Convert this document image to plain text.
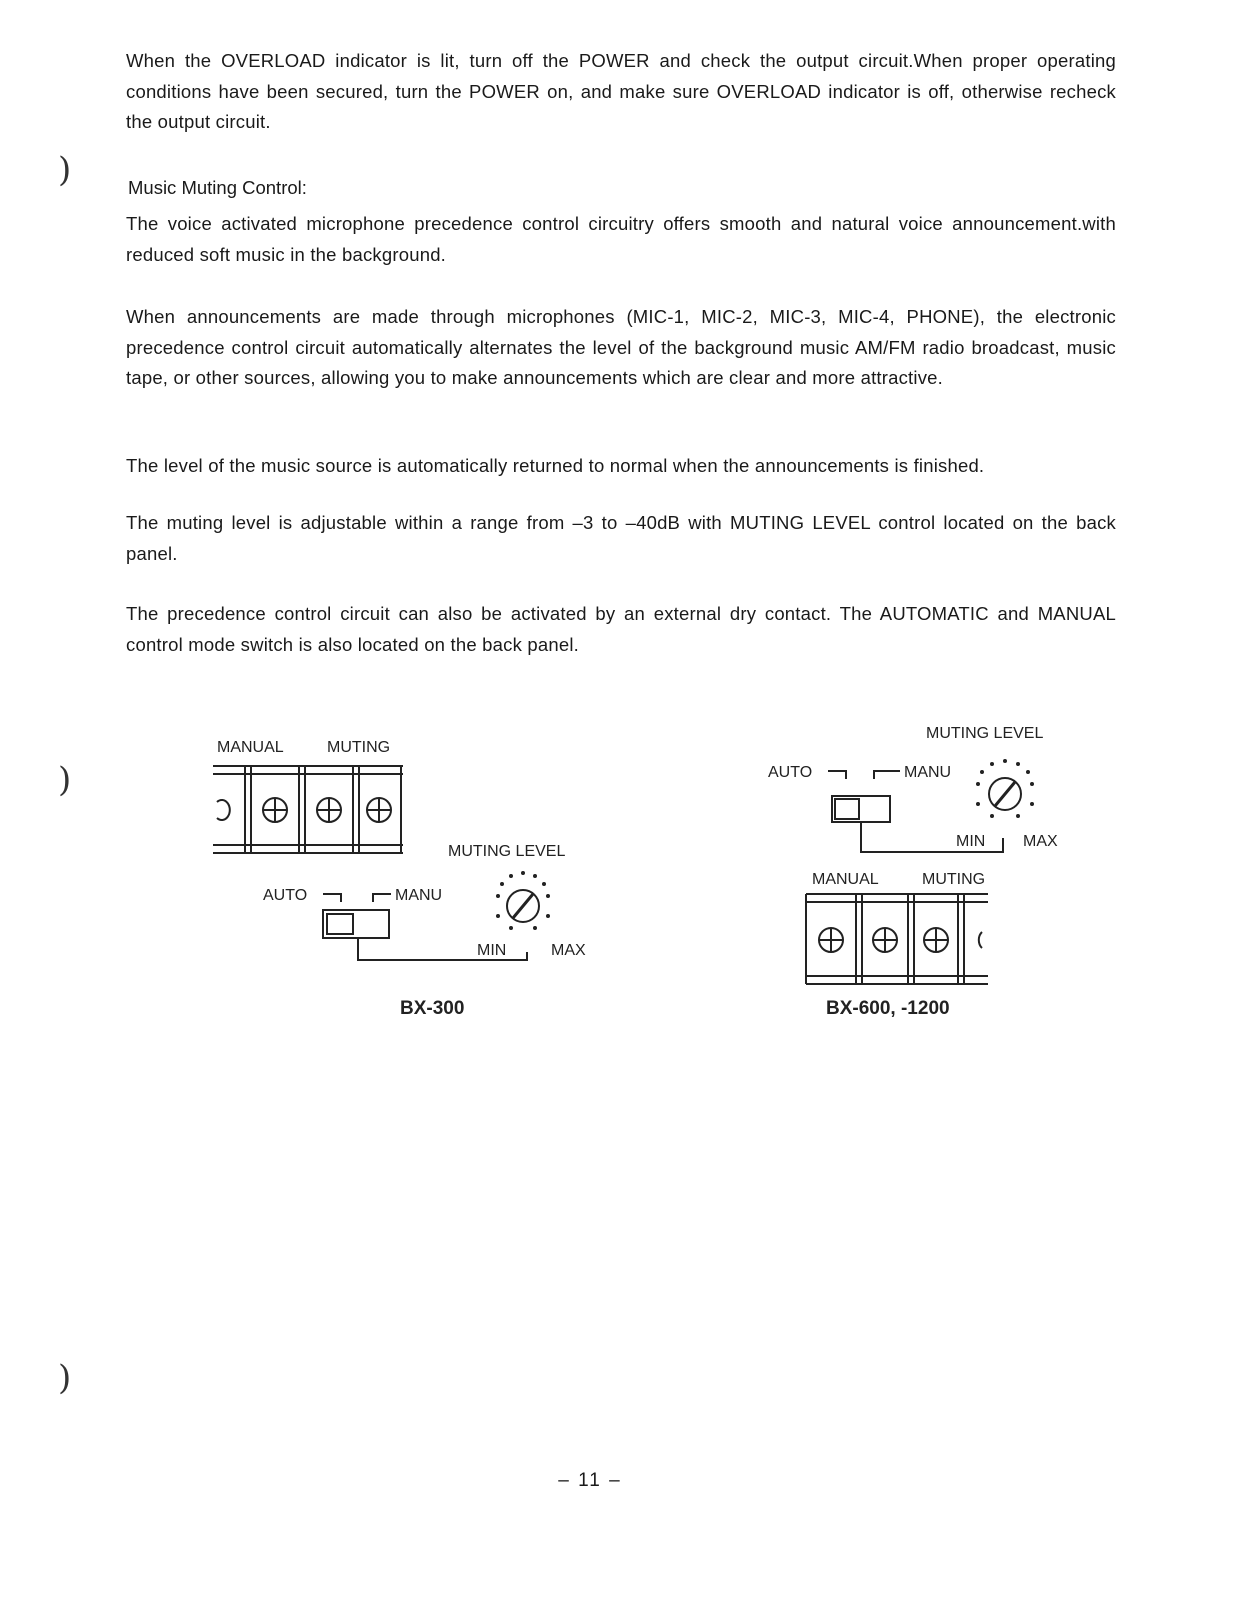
When the OVERLOAD indicator is lit, turn off the POWER and check the output circuit.When proper operating conditions have been secured, turn the POWER on, and make sure OVERLOAD indicator is off, otherwise recheck the output circuit.

)	Music Muting Control:

The voice activated microphone precedence control circuitry offers smooth and natural voice announcement.with reduced soft music in the background.

When announcements are made through microphones (MIC-1, MIC-2, MIC-3, MIC-4, PHONE), the electronic precedence control circuit automatically alternates the level of the background music AM/FM radio broadcast, music tape, or other sources, allowing you to make announcements which are clear and more attractive.

The level of the music source is automatically returned to normal when the announcements is finished.

The muting level is adjustable within a range from –3 to –40dB with MUTING LEVEL control located on the back panel.

The precedence control circuit can also be activated by an external dry contact. The AUTOMATIC and MANUAL control mode switch is also located on the back panel.

)
MANUAL	MUTING
MUTING LEVEL
AUTO	MANU
MIN	MAX
BX-300
MUTING LEVEL
AUTO	MANU
MIN MAX
MANUAL	MUTING
BX-600, -1200
)
– 11 –
